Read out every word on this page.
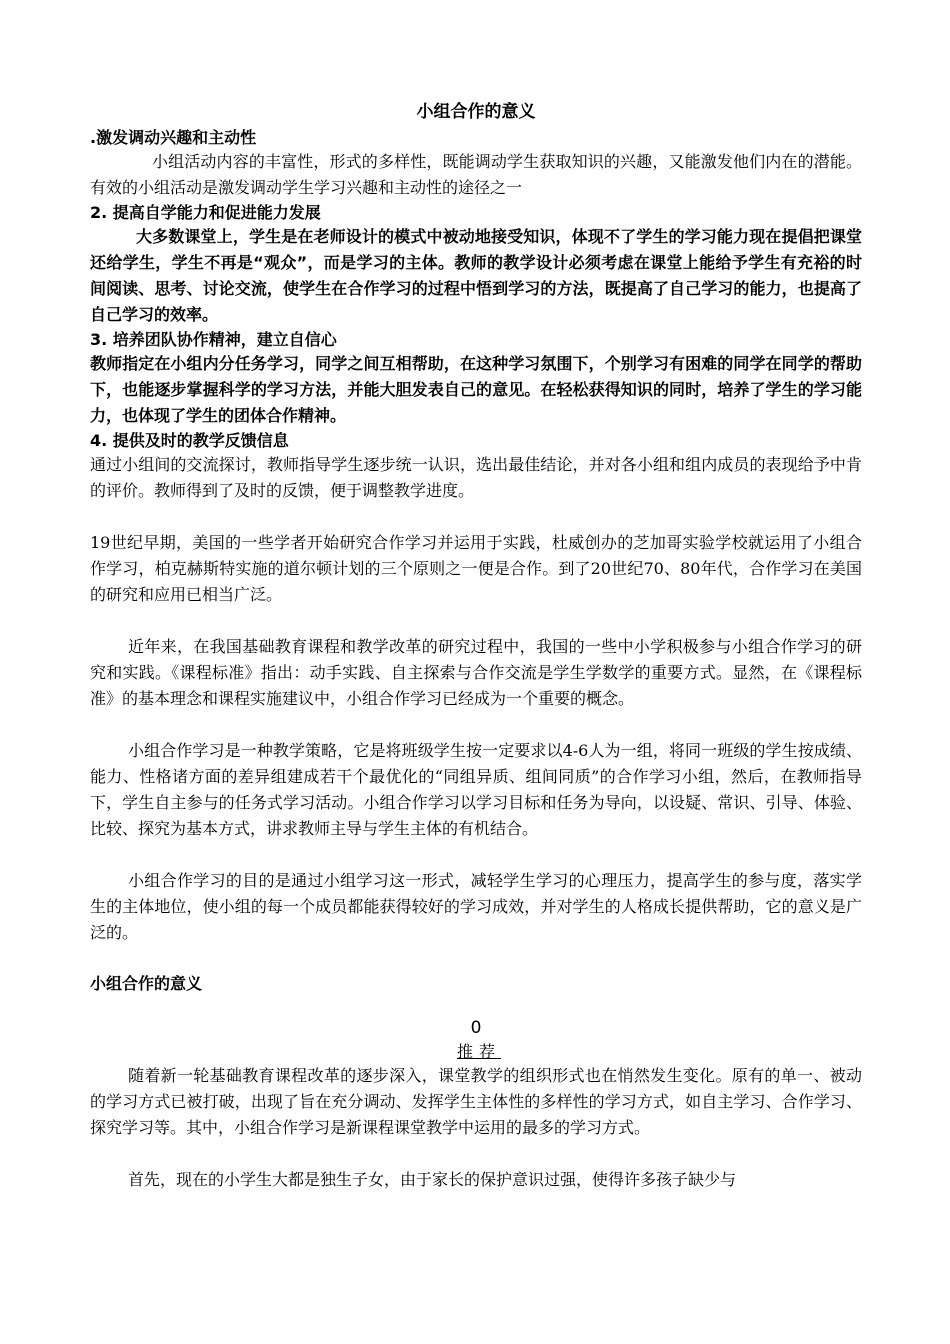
小组合作的意义

.激发调动兴趣和主动性

小组活动内容的丰富性，形式的多样性，既能调动学生获取知识的兴趣，又能激发他们内在的潜能。有效的小组活动是激发调动学生学习兴趣和主动性的途径之一

2. 提高自学能力和促进能力发展

大多数课堂上，学生是在老师设计的模式中被动地接受知识，体现不了学生的学习能力现在提倡把课堂还给学生，学生不再是“观众”，而是学习的主体。教师的教学设计必须考虑在课堂上能给予学生有充裕的时间阅读、思考、讨论交流，使学生在合作学习的过程中悟到学习的方法，既提高了自己学习的能力，也提高了自己学习的效率。

3. 培养团队协作精神，建立自信心

教师指定在小组内分任务学习，同学之间互相帮助，在这种学习氛围下，个别学习有困难的同学在同学的帮助下，也能逐步掌握科学的学习方法，并能大胆发表自己的意见。在轻松获得知识的同时，培养了学生的学习能力，也体现了学生的团体合作精神。

4. 提供及时的教学反馈信息

通过小组间的交流探讨，教师指导学生逐步统一认识，选出最佳结论，并对各小组和组内成员的表现给予中肯的评价。教师得到了及时的反馈，便于调整教学进度。

19世纪早期，美国的一些学者开始研究合作学习并运用于实践，杜威创办的芝加哥实验学校就运用了小组合作学习，柏克赫斯特实施的道尔顿计划的三个原则之一便是合作。到了20世纪70、80年代，合作学习在美国的研究和应用已相当广泛。

近年来，在我国基础教育课程和教学改革的研究过程中，我国的一些中小学积极参与小组合作学习的研究和实践。《课程标准》指出：动手实践、自主探索与合作交流是学生学数学的重要方式。显然，在《课程标准》的基本理念和课程实施建议中，小组合作学习已经成为一个重要的概念。

小组合作学习是一种教学策略，它是将班级学生按一定要求以4-6人为一组，将同一班级的学生按成绩、能力、性格诸方面的差异组建成若干个最优化的“同组异质、组间同质”的合作学习小组，然后，在教师指导下，学生自主参与的任务式学习活动。小组合作学习以学习目标和任务为导向，以设疑、常识、引导、体验、比较、探究为基本方式，讲求教师主导与学生主体的有机结合。

小组合作学习的目的是通过小组学习这一形式，减轻学生学习的心理压力，提高学生的参与度，落实学生的主体地位，使小组的每一个成员都能获得较好的学习成效，并对学生的人格成长提供帮助，它的意义是广泛的。

小组合作的意义

0

推荐

随着新一轮基础教育课程改革的逐步深入，课堂教学的组织形式也在悄然发生变化。原有的单一、被动的学习方式已被打破，出现了旨在充分调动、发挥学生主体性的多样性的学习方式，如自主学习、合作学习、探究学习等。其中，小组合作学习是新课程课堂教学中运用的最多的学习方式。

首先，现在的小学生大都是独生子女，由于家长的保护意识过强，使得许多孩子缺少与
